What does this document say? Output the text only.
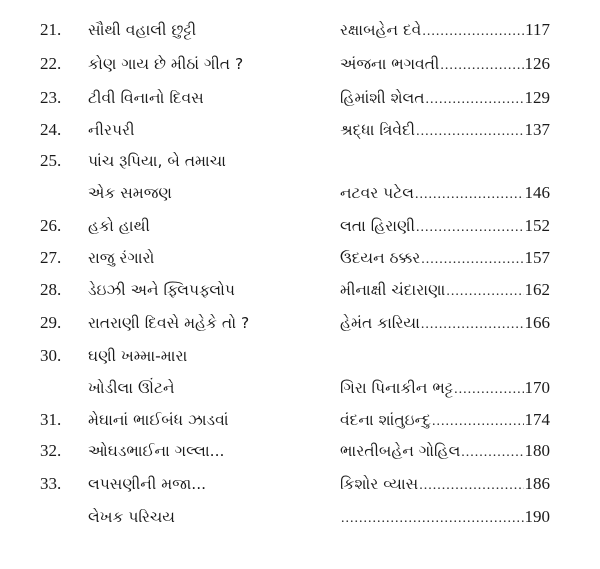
21.	સૌથી વહાલી છુટ્ટી	રક્ષાબહેન દવે .....	117
22.	કોણ ગાય છે મીઠાં ગીત ?	અંજના ભગવતી .....	126
23.	ટીવી વિનાનો દિવસ	હિમાંશી શેલત .....	129
24.	નીરપરી	શ્રદ્ધા ત્રિવેદી .....	137
25.	પાંચ રૂપિયા, બે તમાચા
એક સમજણ	નટવર પટેલ .....	146
26.	હકો હાથી	લતા હિરાણી .....	152
27.	રાજુ રંગારો	ઉદયન ઠક્કર .....	157
28.	ડેઇઝી અને ફ્લિપફ્લોપ	મીનાક્ષી ચંદારાણા .....	162
29.	રાતરાણી દિવસે મહેકે તો ?	હેમંત કારિયા .....	166
30.	ઘણી ખમ્મા-મારા
ખોડીલા ઊંટને	ગિરા પિનાકીન ભટ્ટ .....	170
31.	મેઘાનાં ભાઈબંધ ઝાડવાં	વંદના શાંતુઇન્દુ .....	174
32.	ઓઘડભાઈના ગલ્લા...	ભારતીબહેન ગોહિલ .....	180
33.	લપસણીની મજા...	કિશોર વ્યાસ .....	186
લેખક પરિચય .....	190
